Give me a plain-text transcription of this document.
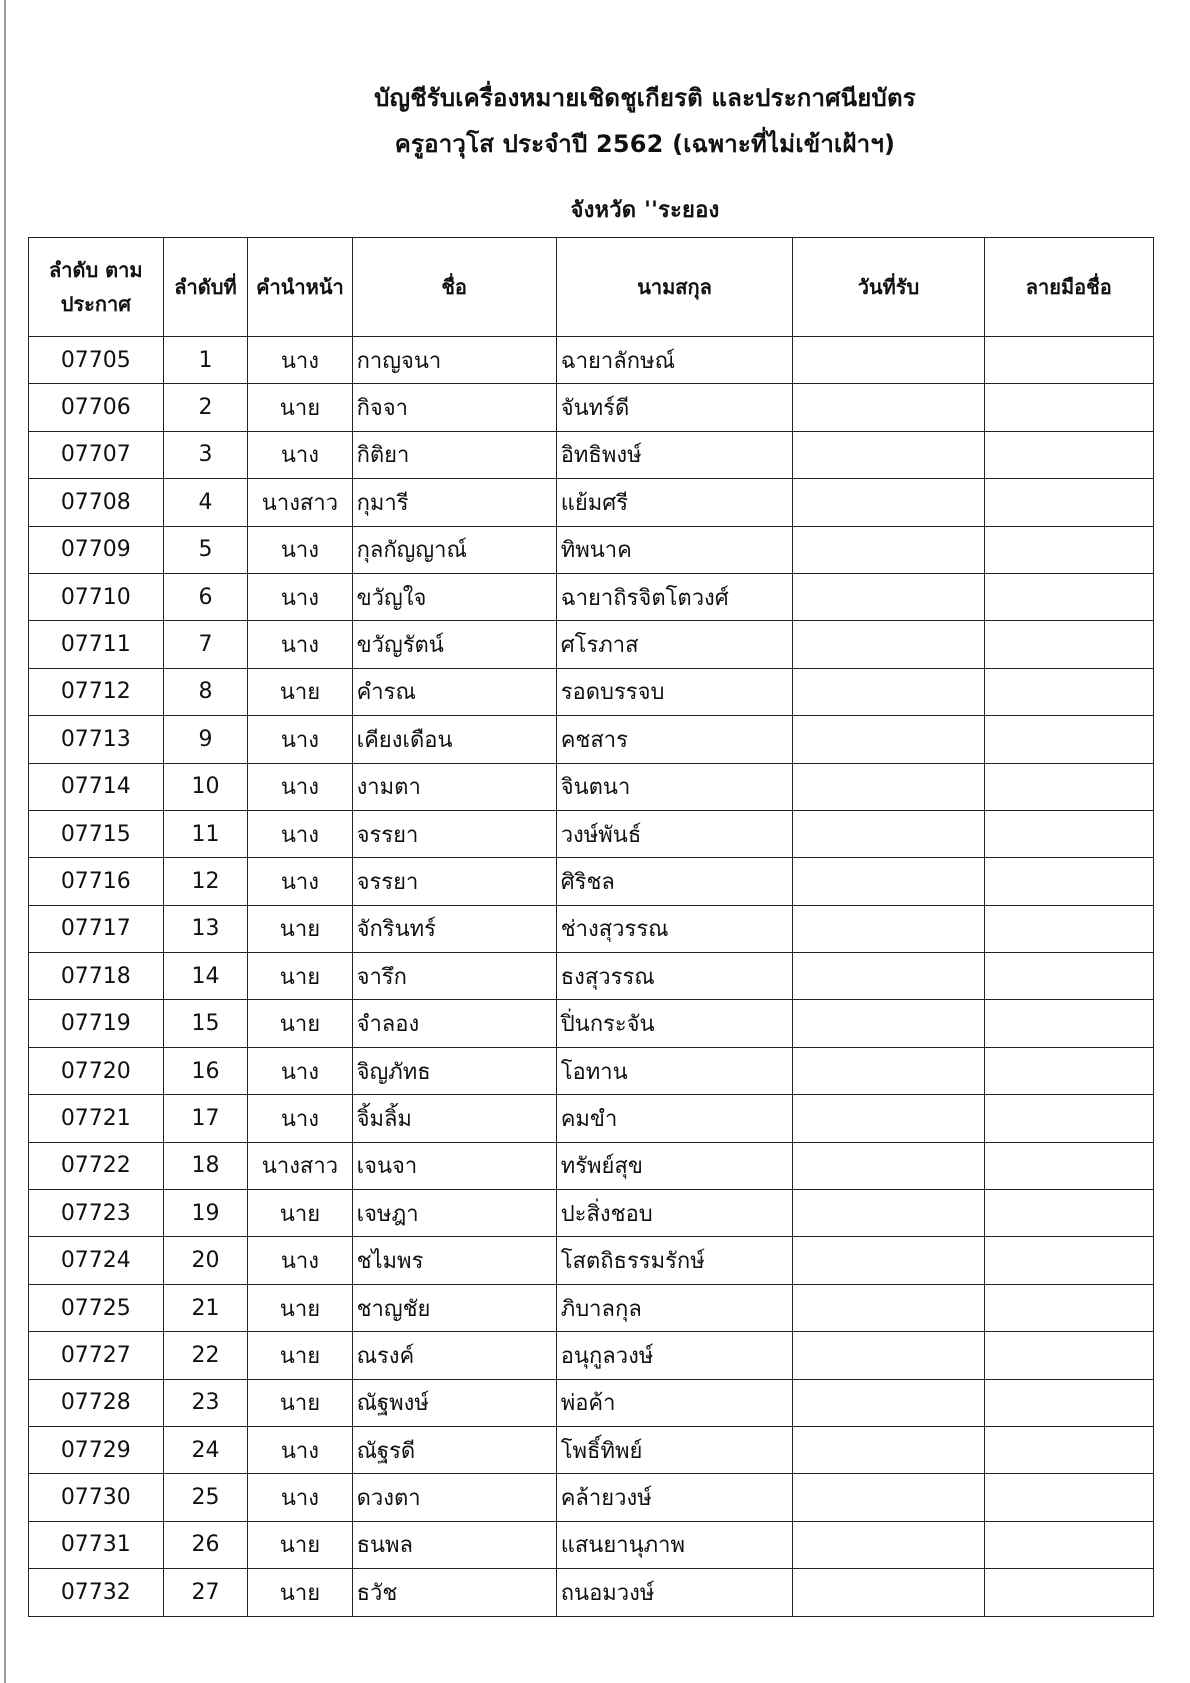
บัญชีรับเครื่องหมายเชิดชูเกียรติ และประกาศนียบัตร
ครูอาวุโส ประจำปี 2562 (เฉพาะที่ไม่เข้าเฝ้าฯ)
จังหวัด ''ระยอง
ลำดับ ตามประกาศ	ลำดับที่	คำนำหน้า	ชื่อ	นามสกุล	วันที่รับ	ลายมือชื่อ
07705	1	นาง	กาญจนา	ฉายาลักษณ์		
07706	2	นาย	กิจจา	จันทร์ดี		
07707	3	นาง	กิติยา	อิทธิพงษ์		
07708	4	นางสาว	กุมารี	แย้มศรี		
07709	5	นาง	กุลกัญญาณ์	ทิพนาค		
07710	6	นาง	ขวัญใจ	ฉายาถิรจิตโตวงศ์		
07711	7	นาง	ขวัญรัตน์	ศโรภาส		
07712	8	นาย	คำรณ	รอดบรรจบ		
07713	9	นาง	เคียงเดือน	คชสาร		
07714	10	นาง	งามตา	จินตนา		
07715	11	นาง	จรรยา	วงษ์พันธ์		
07716	12	นาง	จรรยา	ศิริชล		
07717	13	นาย	จักรินทร์	ช่างสุวรรณ		
07718	14	นาย	จารึก	ธงสุวรรณ		
07719	15	นาย	จำลอง	ปิ่นกระจัน		
07720	16	นาง	จิญภัทธ	โอทาน		
07721	17	นาง	จิ้มลิ้ม	คมขำ		
07722	18	นางสาว	เจนจา	ทรัพย์สุข		
07723	19	นาย	เจษฎา	ปะสิ่งชอบ		
07724	20	นาง	ชไมพร	โสตถิธรรมรักษ์		
07725	21	นาย	ชาญชัย	ภิบาลกุล		
07727	22	นาย	ณรงค์	อนุกูลวงษ์		
07728	23	นาย	ณัฐพงษ์	พ่อค้า		
07729	24	นาง	ณัฐรดี	โพธิ์ทิพย์		
07730	25	นาง	ดวงตา	คล้ายวงษ์		
07731	26	นาย	ธนพล	แสนยานุภาพ		
07732	27	นาย	ธวัช	ถนอมวงษ์		
